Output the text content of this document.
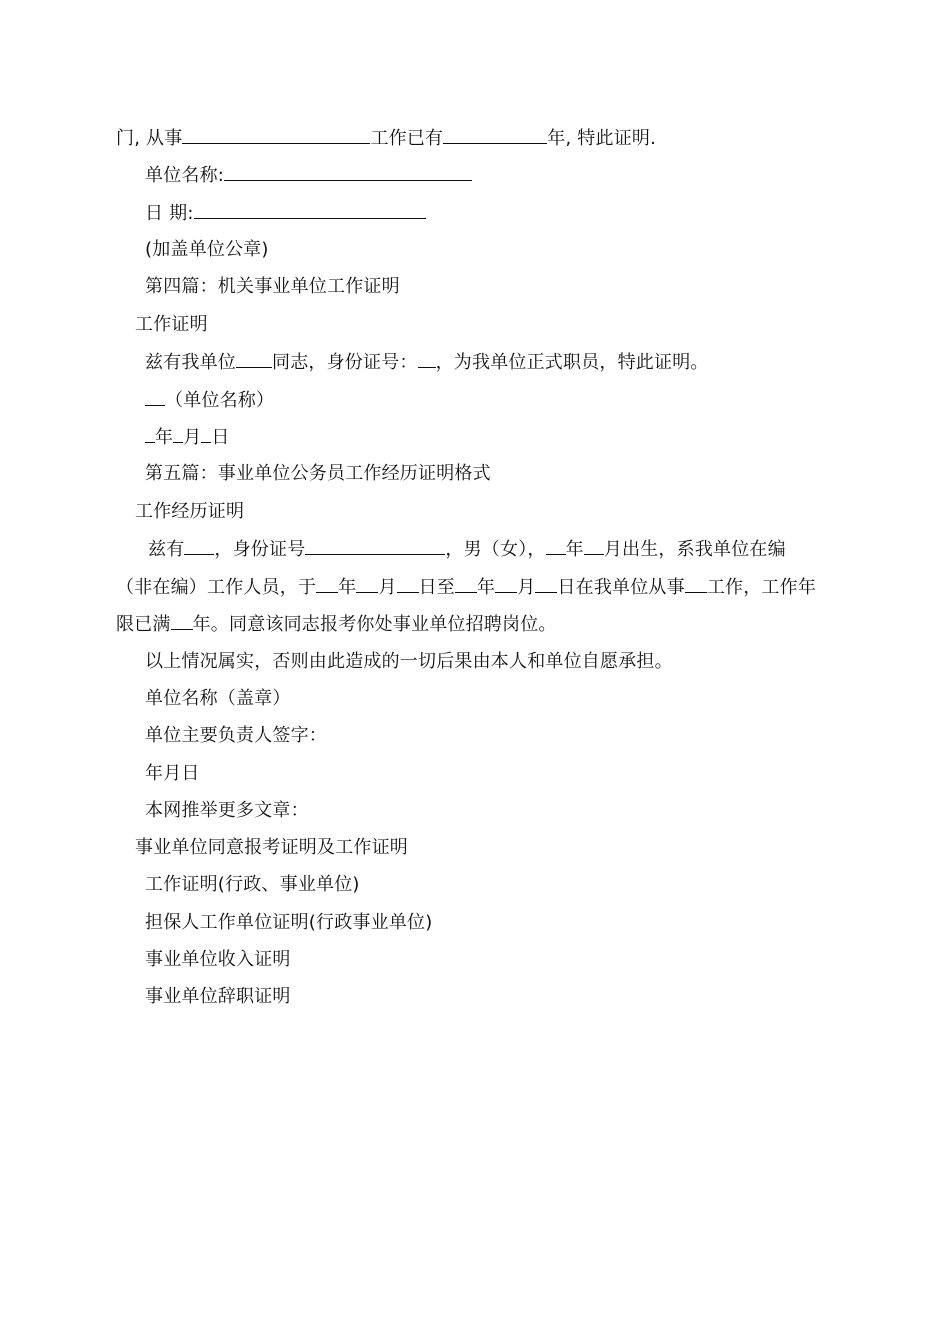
门, 从事	工作已有	年, 特此证明.
单位名称:
日 期:
(加盖单位公章)
第四篇：机关事业单位工作证明
工作证明
兹有我单位 同志，身份证号： ，为我单位正式职员，特此证明。
（单位名称）
年 月 日
第五篇：事业单位公务员工作经历证明格式
工作经历证明
兹有 ，身份证号	，男（女）， 年 月出生，系我单位在编
（非在编）工作人员，于 年 月 日至 年 月 日在我单位从事 工作，工作年
限已满 年。同意该同志报考你处事业单位招聘岗位。
以上情况属实，否则由此造成的一切后果由本人和单位自愿承担。
单位名称（盖章）
单位主要负责人签字：
年月日
本网推举更多文章：
事业单位同意报考证明及工作证明
工作证明(行政、事业单位)
担保人工作单位证明(行政事业单位)
事业单位收入证明
事业单位辞职证明
